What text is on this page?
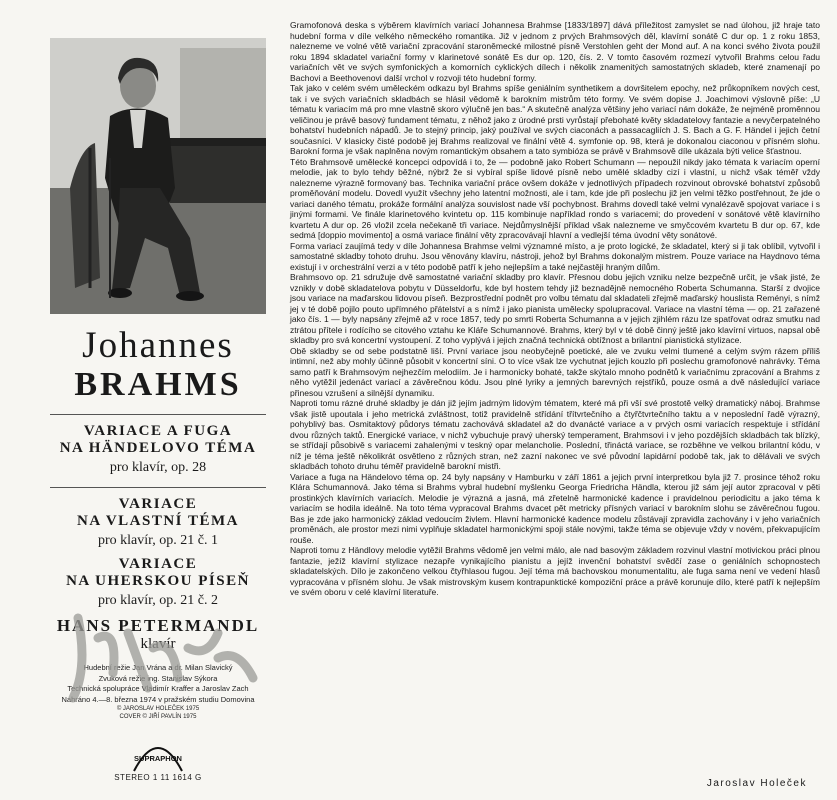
Johannes
BRAHMS

VARIACE A FUGA

NA HÄNDELOVO TÉMA

pro klavír, op. 28

VARIACE

NA VLASTNÍ TÉMA

pro klavír, op. 21 č. 1

VARIACE

NA UHERSKOU PÍSEŇ

pro klavír, op. 21 č. 2

HANS PETERMANDL
klavír
Hudební režie Jan Vrána a dr. Milan Slavický
Zvuková režie ing. Stanislav Sýkora
Technická spolupráce Vladimír Kraffer a Jaroslav Zach
Nahráno 4.—8. března 1974 v pražském studiu Domovina
© JAROSLAV HOLEČEK 1975
COVER © JIŘÍ PAVLÍN 1975
SUPRAPHON
STEREO 1 11 1614 G

Gramofonová deska s výběrem klavírních variací Johannesa Brahmse [1833/1897] dává příležitost zamyslet se nad úlohou, již hraje tato hudební forma v díle velkého německého romantika. Již v jednom z prvých Brahmsových děl, klavírní sonátě C dur op. 1 z roku 1853, nalezneme ve volné větě variační zpracování staroněmecké milostné písně Verstohlen geht der Mond auf. A na konci svého života použil roku 1894 skladatel variační formy v klarinetové sonátě Es dur op. 120, čís. 2. V tomto časovém rozmezí vytvořil Brahms celou řadu variačních vět ve svých symfonických a komorních cyklických dílech i několik znamenitých samostatných skladeb, které znamenají po Bachovi a Beethovenovi další vrchol v rozvoji této hudební formy.

Tak jako v celém svém uměleckém odkazu byl Brahms spíše geniálním synthetikem a dovršitelem epochy, než průkopníkem nových cest, tak i ve svých variačních skladbách se hlásil vědomě k barokním mistrům této formy. Ve svém dopise J. Joachimovi výslovně píše: „U tématu k variacím má pro mne vlastně skoro výlučně jen bas.“ A skutečně analýza většiny jeho variací nám dokáže, že nejméně proměnnou veličinou je právě basový fundament tématu, z něhož jako z úrodné prsti vyrůstají přebohaté květy skladatelovy fantazie a nevyčerpatelného bohatství hudebních nápadů. Je to stejný princip, jaký používal ve svých ciaconách a passacagliích J. S. Bach a G. F. Händel i jejich četní současníci. V klasicky čisté podobě jej Brahms realizoval ve finální větě 4. symfonie op. 98, která je dokonalou ciaconou v přísném slohu. Barokní forma je však naplněna novým romantickým obsahem a tato symbióza se právě v Brahmsově díle ukázala býti velice šťastnou.

Této Brahmsově umělecké koncepci odpovídá i to, že — podobně jako Robert Schumann — nepoužil nikdy jako témata k variacím operní melodie, jak to bylo tehdy běžné, nýbrž že si vybíral spíše lidové písně nebo umělé skladby cizí i vlastní, u nichž však téměř vždy nalezneme výrazně formovaný bas. Technika variační práce ovšem dokáže v jednotlivých případech rozvinout obrovské bohatství způsobů proměňování modelu. Dovedl využít všechny jeho latentní možnosti, ale i tam, kde jde při poslechu již jen velmi těžko postřehnout, že jde o variaci daného tématu, prokáže formální analýza souvislost nade vší pochybnost. Brahms dovedl také velmi vynalézavě spojovat variace i s jinými formami. Ve finále klarinetového kvintetu op. 115 kombinuje například rondo s variacemi; do provedení v sonátové větě klavírního kvartetu A dur op. 26 vložil zcela nečekaně tři variace. Nejdůmyslnější příklad však nalezneme ve smyčcovém kvartetu B dur op. 67, kde sedmá [doppio movimento] a osmá variace finální věty zpracovávají hlavní a vedlejší téma úvodní věty sonátové.

Forma variací zaujímá tedy v díle Johannesa Brahmse velmi významné místo, a je proto logické, že skladatel, který si ji tak oblíbil, vytvořil i samostatné skladby tohoto druhu. Jsou věnovány klavíru, nástroji, jehož byl Brahms dokonalým mistrem. Pouze variace na Haydnovo téma existují i v orchestrální verzi a v této podobě patří k jeho nejlepším a také nejčastěji hraným dílům.

Brahmsovo op. 21 sdružuje dvě samostatné variační skladby pro klavír. Přesnou dobu jejich vzniku nelze bezpečně určit, je však jisté, že vznikly v době skladatelova pobytu v Düsseldorfu, kde byl hostem tehdy již beznadějně nemocného Roberta Schumanna. Starší z dvojice jsou variace na maďarskou lidovou píseň. Bezprostřední podnět pro volbu tématu dal skladateli zřejmě maďarský houslista Reményi, s nímž jej v té době pojilo pouto upřímného přátelství a s nímž i jako pianista umělecky spolupracoval. Variace na vlastní téma — op. 21 zařazené jako čís. 1 — byly napsány zřejmě až v roce 1857, tedy po smrti Roberta Schumanna a v jejich zjihlém rázu lze spatřovat odraz smutku nad ztrátou přítele i rodícího se citového vztahu ke Kláře Schumannové. Brahms, který byl v té době činný ještě jako klavírní virtuos, napsal obě skladby pro svá koncertní vystoupení. Z toho vyplývá i jejich značná technická obtížnost a brilantní pianistická stylizace.

Obě skladby se od sebe podstatně liší. První variace jsou neobyčejně poetické, ale ve zvuku velmi tlumené a celým svým rázem příliš intimní, než aby mohly účinně působit v koncertní síni. O to více však lze vychutnat jejich kouzlo při poslechu gramofonové nahrávky. Téma samo patří k Brahmsovým nejhezčím melodiím. Je i harmonicky bohaté, takže skýtalo mnoho podnětů k variačnímu zpracování a Brahms z něho vytěžil jedenáct variací a závěrečnou kódu. Jsou plné lyriky a jemných barevných rejstříků, pouze osmá a dvě následující variace přinesou vzrušení a silnější dynamiku.

Naproti tomu rázné druhé skladby je dán již jejím jadrným lidovým tématem, které má při vší své prostotě velký dramatický náboj. Brahmse však jistě upoutala i jeho metrická zvláštnost, totiž pravidelně střídání třítvrtečního a čtyřčtvrtečního taktu a v neposlední řadě výrazný, pohyblivý bas. Osmitaktový půdorys tématu zachovává skladatel až do dvanácté variace a v prvých osmi variacích respektuje i střídání dvou různých taktů. Energické variace, v nichž vybuchuje pravý uherský temperament, Brahmsovi i v jeho pozdějších skladbách tak blízký, se střídají působivě s variacemi zahalenými v teskný opar melancholie. Poslední, třináctá variace, se rozběhne ve velkou brilantní kódu, v níž je téma ještě několikrát osvětleno z různých stran, než zazní nakonec ve své původní lapidární podobě tak, jak to dělávali ve svých skladbách tohoto druhu téměř pravidelně barokní mistři.

Variace a fuga na Händelovo téma op. 24 byly napsány v Hamburku v září 1861 a jejich první interpretkou byla již 7. prosince téhož roku Klára Schumannová. Jako téma si Brahms vybral hudební myšlenku Georga Friedricha Händla, kterou již sám její autor zpracoval v pěti prostinkých klavírních variacích. Melodie je výrazná a jasná, má zřetelně harmonické kadence i pravidelnou periodicitu a jako téma k variacím se hodila ideálně. Na toto téma vypracoval Brahms dvacet pět metricky přísných variací v barokním slohu se závěrečnou fugou. Bas je zde jako harmonický základ vedoucím živlem. Hlavní harmonické kadence modelu zůstávají zpravidla zachovány i v jeho variačních proměnách, ale prostor mezi nimi vyplňuje skladatel harmonickými spoji stále novými, takže téma se objevuje vždy v novém, překvapujícím rouše.

Naproti tomu z Händlovy melodie vytěžil Brahms vědomě jen velmi málo, ale nad basovým základem rozvinul vlastní motivickou práci plnou fantazie, ježíž klavírní stylizace nezapře vynikajícího pianistu a jejíž invenční bohatství svědčí zase o geniálních schopnostech skladatelských. Dílo je zakončeno velkou čtyřhlasou fugou. Její téma má bachovskou monumentalitu, ale fuga sama není ve vedení hlasů vypracována v přísném slohu. Je však mistrovským kusem kontrapunktické kompoziční práce a právě korunuje dílo, které patří k nejlepším ve svém oboru v celé klavírní literatuře.

Jaroslav Holeček
